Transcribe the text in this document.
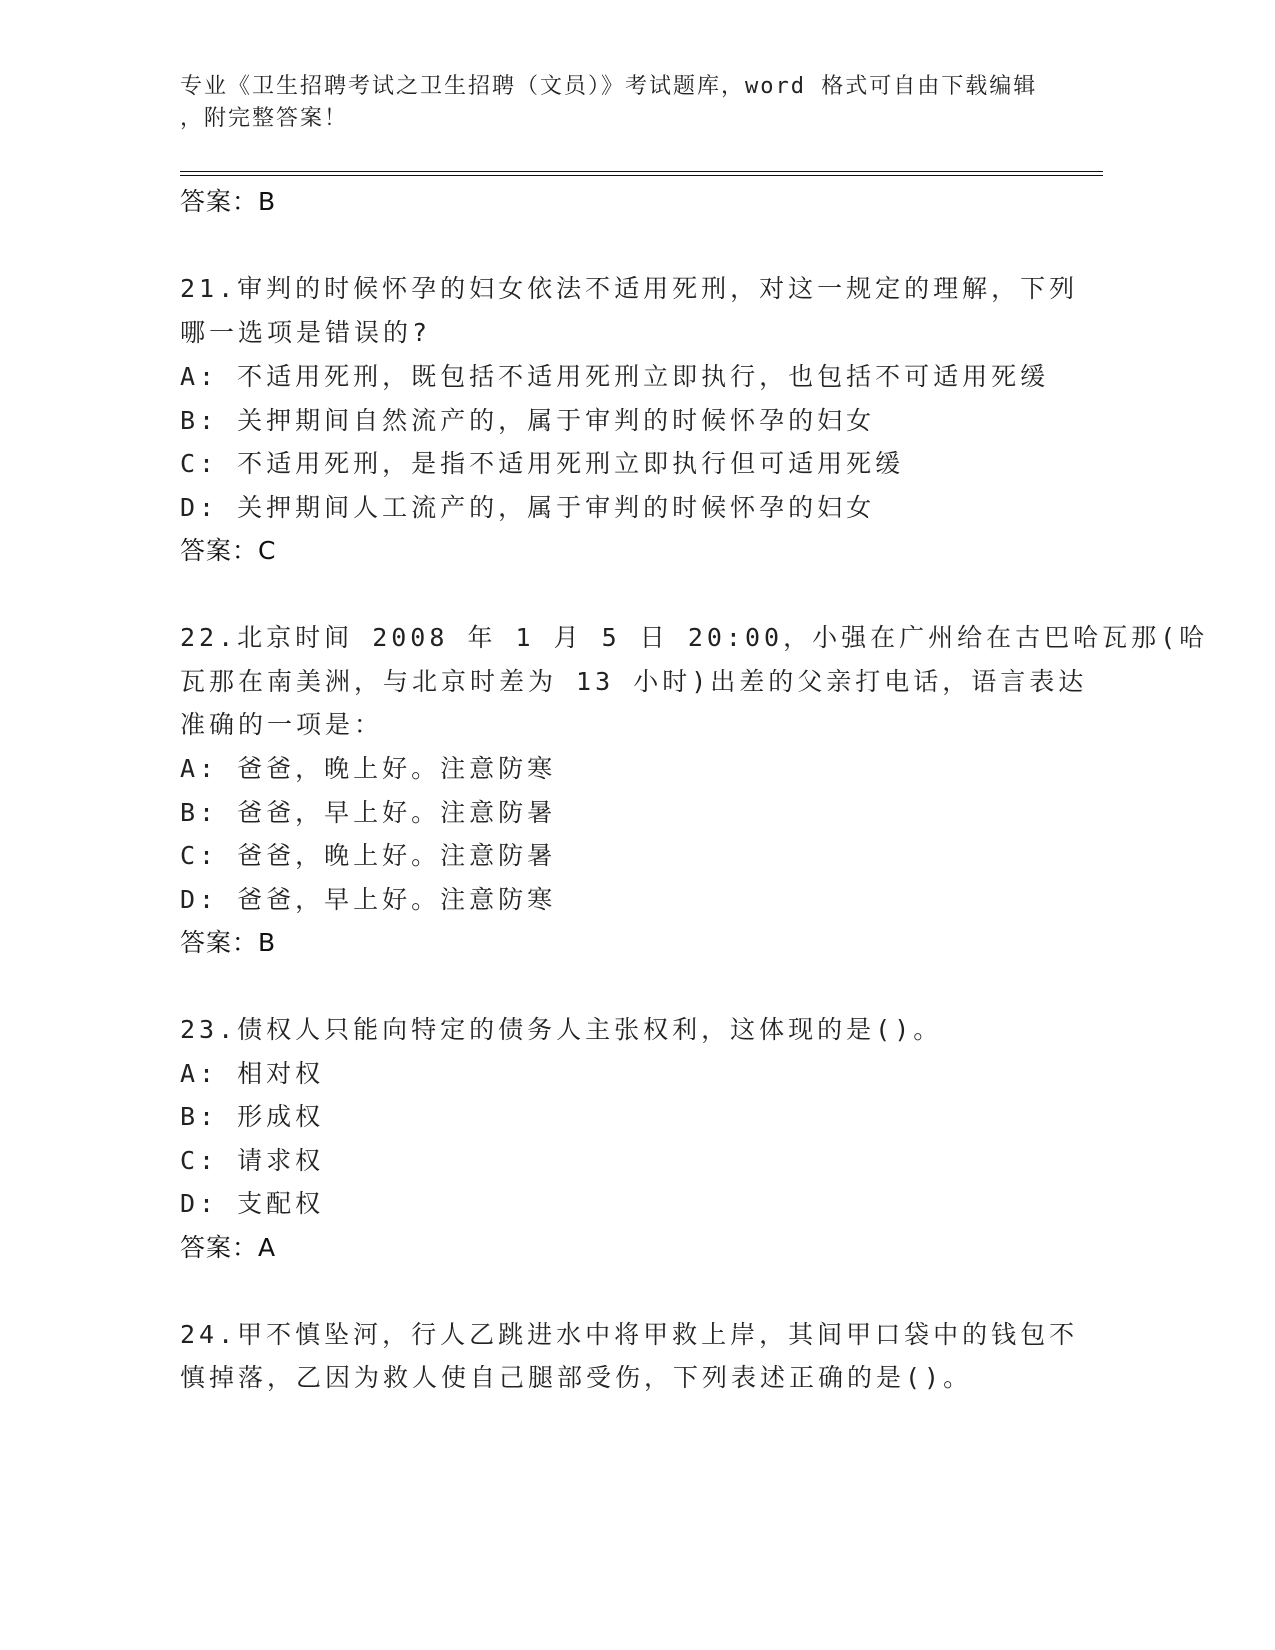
专业《卫生招聘考试之卫生招聘（文员）》考试题库，word 格式可自由下载编辑
，附完整答案！
答案：B
21.审判的时候怀孕的妇女依法不适用死刑，对这一规定的理解，下列
哪一选项是错误的?
A: 不适用死刑，既包括不适用死刑立即执行，也包括不可适用死缓
B: 关押期间自然流产的，属于审判的时候怀孕的妇女
C: 不适用死刑，是指不适用死刑立即执行但可适用死缓
D: 关押期间人工流产的，属于审判的时候怀孕的妇女
答案：C
22.北京时间 2008 年 1 月 5 日 20:00，小强在广州给在古巴哈瓦那(哈
瓦那在南美洲，与北京时差为 13 小时)出差的父亲打电话，语言表达
准确的一项是：
A: 爸爸，晚上好。注意防寒
B: 爸爸，早上好。注意防暑
C: 爸爸，晚上好。注意防暑
D: 爸爸，早上好。注意防寒
答案：B
23.债权人只能向特定的债务人主张权利，这体现的是()。
A: 相对权
B: 形成权
C: 请求权
D: 支配权
答案：A
24.甲不慎坠河，行人乙跳进水中将甲救上岸，其间甲口袋中的钱包不
慎掉落，乙因为救人使自己腿部受伤，下列表述正确的是()。
